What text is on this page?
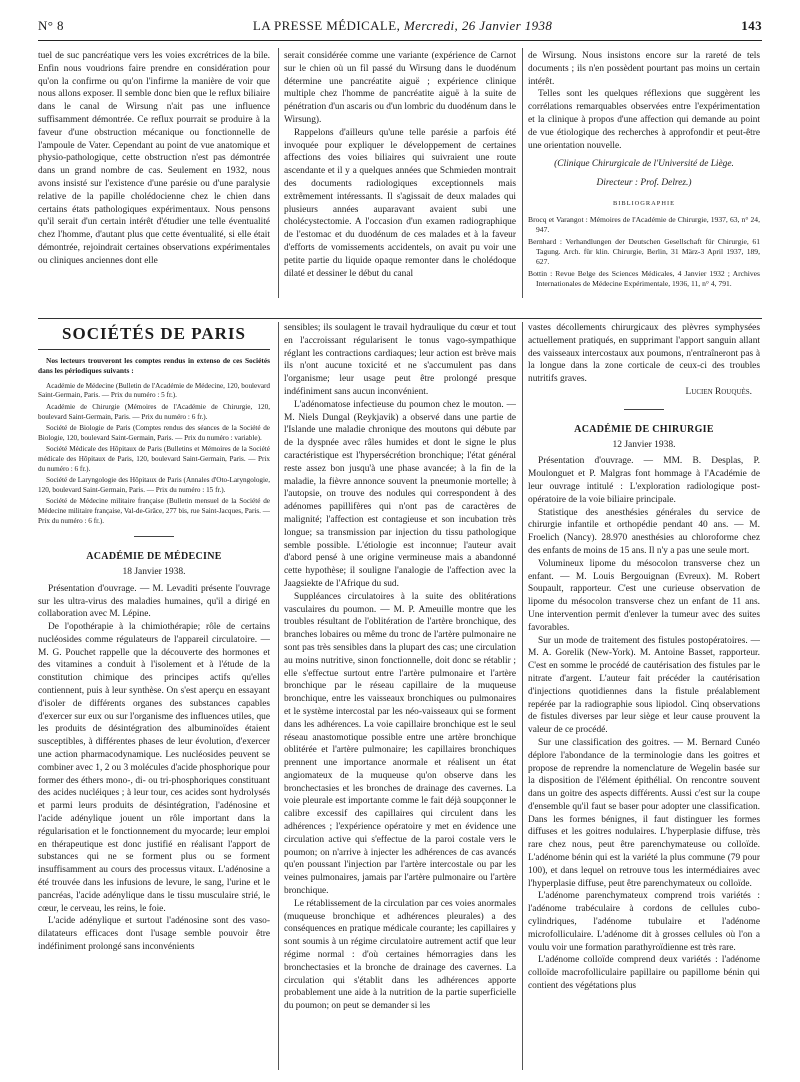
N° 8	LA PRESSE MÉDICALE, Mercredi, 26 Janvier 1938	143

tuel de suc pancréatique vers les voies excrétrices de la bile. Enfin nous voudrions faire prendre en considération pour qu'on la confirme ou qu'on l'infirme la manière de voir que nous allons exposer. Il semble donc bien que le reflux biliaire dans le canal de Wirsung n'ait pas une influence suffisamment démontrée. Ce reflux pourrait se produire à la faveur d'une obstruction mécanique ou fonctionnelle de l'ampoule de Vater. Cependant au point de vue anatomique et physio-pathologique, cette obstruction n'est pas démontrée dans un grand nombre de cas. Seulement en 1932, nous avons insisté sur l'existence d'une parésie ou d'une paralysie relative de la papille cholédocienne chez le chien dans certains états pathologiques expérimentaux. Nous pensons qu'il serait d'un certain intérêt d'étudier une telle éventualité chez l'homme, d'autant plus que cette éventualité, si elle était démontrée, rejoindrait certaines observations expérimentales ou cliniques anciennes dont elle

serait considérée comme une variante (expérience de Carnot sur le chien où un fil passé du Wirsung dans le duodénum détermine une pancréatite aiguë ; expérience clinique multiple chez l'homme de pancréatite aiguë à la suite de pénétration d'un ascaris ou d'un lombric du duodénum dans le Wirsung).

Rappelons d'ailleurs qu'une telle parésie a parfois été invoquée pour expliquer le développement de certaines affections des voies biliaires qui suivraient une route ascendante et il y a quelques années que Schmieden montrait des documents radiologiques exceptionnels mais extrêmement intéressants. Il s'agissait de deux malades qui plusieurs années auparavant avaient subi une cholécystectomie. A l'occasion d'un examen radiographique de l'estomac et du duodénum de ces malades et à la faveur d'efforts de vomissements accidentels, on avait pu voir une petite partie du liquide opaque remonter dans le cholédoque dilaté et dessiner le début du canal

de Wirsung. Nous insistons encore sur la rareté de tels documents ; ils n'en possèdent pourtant pas moins un certain intérêt.

Telles sont les quelques réflexions que suggèrent les corrélations remarquables observées entre l'expérimentation et la clinique à propos d'une affection qui demande au point de vue étiologique des recherches à approfondir et peut-être une orientation nouvelle.

(Clinique Chirurgicale de l'Université de Liège.
Directeur : Prof. Delrez.)
BIBLIOGRAPHIE

Brocq et Varangot : Mémoires de l'Académie de Chirurgie, 1937, 63, n° 24, 947.

Bernhard : Verhandlungen der Deutschen Gesellschaft für Chirurgie, 61 Tagung. Arch. für klin. Chirurgie, Berlin, 31 März-3 April 1937, 189, 627.

Bottin : Revue Belge des Sciences Médicales, 4 Janvier 1932 ; Archives Internationales de Médecine Expérimentale, 1936, 11, n° 4, 791.

SOCIÉTÉS DE PARIS
Nos lecteurs trouveront les comptes rendus in extenso de ces Sociétés dans les périodiques suivants :

Académie de Médecine (Bulletin de l'Académie de Médecine, 120, boulevard Saint-Germain, Paris. — Prix du numéro : 5 fr.).

Académie de Chirurgie (Mémoires de l'Académie de Chirurgie, 120, boulevard Saint-Germain, Paris. — Prix du numéro : 6 fr.).

Société de Biologie de Paris (Comptes rendus des séances de la Société de Biologie, 120, boulevard Saint-Germain, Paris. — Prix du numéro : variable).

Société Médicale des Hôpitaux de Paris (Bulletins et Mémoires de la Société médicale des Hôpitaux de Paris, 120, boulevard Saint-Germain, Paris. — Prix du numéro : 6 fr.).

Société de Laryngologie des Hôpitaux de Paris (Annales d'Oto-Laryngologie, 120, boulevard Saint-Germain, Paris. — Prix du numéro : 15 fr.).

Société de Médecine militaire française (Bulletin mensuel de la Société de Médecine militaire française, Val-de-Grâce, 277 bis, rue Saint-Jacques, Paris. — Prix du numéro : 6 fr.).

ACADÉMIE DE MÉDECINE
18 Janvier 1938.

Présentation d'ouvrage. — M. Levaditi présente l'ouvrage sur les ultra-virus des maladies humaines, qu'il a dirigé en collaboration avec M. Lépine.

De l'opothérapie à la chimiothérapie; rôle de certains nucléosides comme régulateurs de l'appareil circulatoire. — M. G. Pouchet rappelle que la découverte des hormones et des vitamines a conduit à l'isolement et à l'étude de la constitution chimique des principes actifs qu'elles contiennent, puis à leur synthèse. On s'est aperçu en essayant d'isoler de différents organes des substances capables d'exercer sur eux ou sur l'organisme des influences utiles, que les produits de désintégration des albuminoïdes étaient susceptibles, à différentes phases de leur évolution, d'exercer une action pharmacodynamique. Les nucléosides peuvent se combiner avec 1, 2 ou 3 molécules d'acide phosphorique pour former des éthers mono-, di- ou tri-phosphoriques constituant des acides nucléiques ; à leur tour, ces acides sont hydrolysés et parmi leurs produits de désintégration, l'adénosine et l'acide adénylique jouent un rôle important dans la régularisation et le fonctionnement du myocarde; leur emploi en thérapeutique est donc justifié en réalisant l'apport de substances qui ne se forment plus ou se forment insuffisamment au cours des processus vitaux. L'adénosine a été trouvée dans les infusions de levure, le sang, l'urine et le pancréas, l'acide adénylique dans le tissu musculaire strié, le cœur, le cerveau, les reins, le foie.

L'acide adénylique et surtout l'adénosine sont des vaso-dilatateurs efficaces dont l'usage semble pouvoir être indéfiniment prolongé sans inconvénients

sensibles; ils soulagent le travail hydraulique du cœur et tout en l'accroissant régularisent le tonus vago-sympathique réglant les contractions cardiaques; leur action est brève mais ils n'ont aucune toxicité et ne s'accumulent pas dans l'organisme; leur usage peut être prolongé presque indéfiniment sans aucun inconvénient.

L'adénomatose infectieuse du poumon chez le mouton. — M. Niels Dungal (Reykjavik) a observé dans une partie de l'Islande une maladie chronique des moutons qui débute par de la dyspnée avec râles humides et dont le signe le plus caractéristique est l'hypersécrétion bronchique; l'état général reste assez bon jusqu'à une phase avancée; à la fin de la maladie, la fièvre annonce souvent la pneumonie mortelle; à l'autopsie, on trouve des nodules qui correspondent à des adénomes papillifères qui n'ont pas de caractères de malignité; l'affection est contagieuse et son incubation très longue; sa transmission par injection du tissu pathologique semble possible. L'étiologie est inconnue; l'auteur avait d'abord pensé à une origine vermineuse mais a abandonné cette hypothèse; il souligne l'analogie de l'affection avec la Jaagsiekte de l'Afrique du sud.

Suppléances circulatoires à la suite des oblitérations vasculaires du poumon. — M. P. Ameuille montre que les troubles résultant de l'oblitération de l'artère bronchique, des branches lobaires ou même du tronc de l'artère pulmonaire ne sont pas très sensibles dans la plupart des cas; une circulation au moins nutritive, sinon fonctionnelle, doit donc se rétablir ; elle s'effectue surtout entre l'artère pulmonaire et l'artère bronchique par le réseau capillaire de la muqueuse bronchique, entre les vaisseaux bronchiques ou pulmonaires et le système intercostal par les néo-vaisseaux qui se forment dans les adhérences. La voie capillaire bronchique est le seul réseau anastomotique possible entre une artère bronchique oblitérée et l'artère pulmonaire; les capillaires bronchiques prennent une importance anormale et réalisent un état angiomateux de la muqueuse qu'on observe dans les bronchectasies et les bronches de drainage des cavernes. La voie pleurale est importante comme le fait déjà soupçonner le calibre excessif des capillaires qui circulent dans les adhérences ; l'expérience opératoire y met en évidence une circulation active qui s'effectue de la paroi costale vers le poumon; on n'arrive à injecter les adhérences de cas avancés qu'en poussant l'injection par l'artère intercostale ou par les veines pulmonaires, jamais par l'artère pulmonaire ou l'artère bronchique.

Le rétablissement de la circulation par ces voies anormales (muqueuse bronchique et adhérences pleurales) a des conséquences en pratique médicale courante; les capillaires y sont soumis à un régime circulatoire autrement actif que leur régime normal : d'où certaines hémorragies dans les bronchectasies et la bronche de drainage des cavernes. La circulation qui s'établit dans les adhérences apporte probablement une aide à la nutrition de la partie superficielle du poumon; on peut se demander si les

vastes décollements chirurgicaux des plèvres symphysées actuellement pratiqués, en supprimant l'apport sanguin allant des vaisseaux intercostaux aux poumons, n'entraîneront pas à la longue dans la zone corticale de ceux-ci des troubles nutritifs graves.

Lucien Rouquès.
ACADÉMIE DE CHIRURGIE
12 Janvier 1938.

Présentation d'ouvrage. — MM. B. Desplas, P. Moulonguet et P. Malgras font hommage à l'Académie de leur ouvrage intitulé : L'exploration radiologique post-opératoire de la voie biliaire principale.

Statistique des anesthésies générales du service de chirurgie infantile et orthopédie pendant 40 ans. — M. Froelich (Nancy). 28.970 anesthésies au chloroforme chez des enfants de moins de 15 ans. Il n'y a pas une seule mort.

Volumineux lipome du mésocolon transverse chez un enfant. — M. Louis Bergouignan (Evreux). M. Robert Soupault, rapporteur. C'est une curieuse observation de lipome du mésocolon transverse chez un enfant de 11 ans. Une intervention permit d'enlever la tumeur avec des suites favorables.

Sur un mode de traitement des fistules postopératoires. — M. A. Gorelik (New-York). M. Antoine Basset, rapporteur. C'est en somme le procédé de cautérisation des fistules par le nitrate d'argent. L'auteur fait précéder la cautérisation d'injections quotidiennes dans la fistule préalablement repérée par la radiographie sous lipiodol. Cinq observations de fistules diverses par leur siège et leur cause prouvent la valeur de ce procédé.

Sur une classification des goitres. — M. Bernard Cunéo déplore l'abondance de la terminologie dans les goitres et propose de reprendre la nomenclature de Wegelin basée sur la disposition de l'élément épithélial. On rencontre souvent dans un goitre des aspects différents. Aussi c'est sur la coupe d'ensemble qu'il faut se baser pour adopter une classification. Dans les formes bénignes, il faut distinguer les formes diffuses et les goitres nodulaires. L'hyperplasie diffuse, très rare chez nous, peut être parenchymateuse ou colloïde. L'adénome bénin qui est la variété la plus commune (79 pour 100), et dans lequel on retrouve tous les intermédiaires avec l'hyperplasie diffuse, peut être parenchymateux ou colloïde.

L'adénome parenchymateux comprend trois variétés : l'adénome trabéculaire à cordons de cellules cubo-cylindriques, l'adénome tubulaire et l'adénome microfolliculaire. L'adénome dit à grosses cellules où l'on a voulu voir une formation parathyroïdienne est très rare.

L'adénome colloïde comprend deux variétés : l'adénome colloïde macrofolliculaire papillaire ou papillome bénin qui contient des végétations plus
